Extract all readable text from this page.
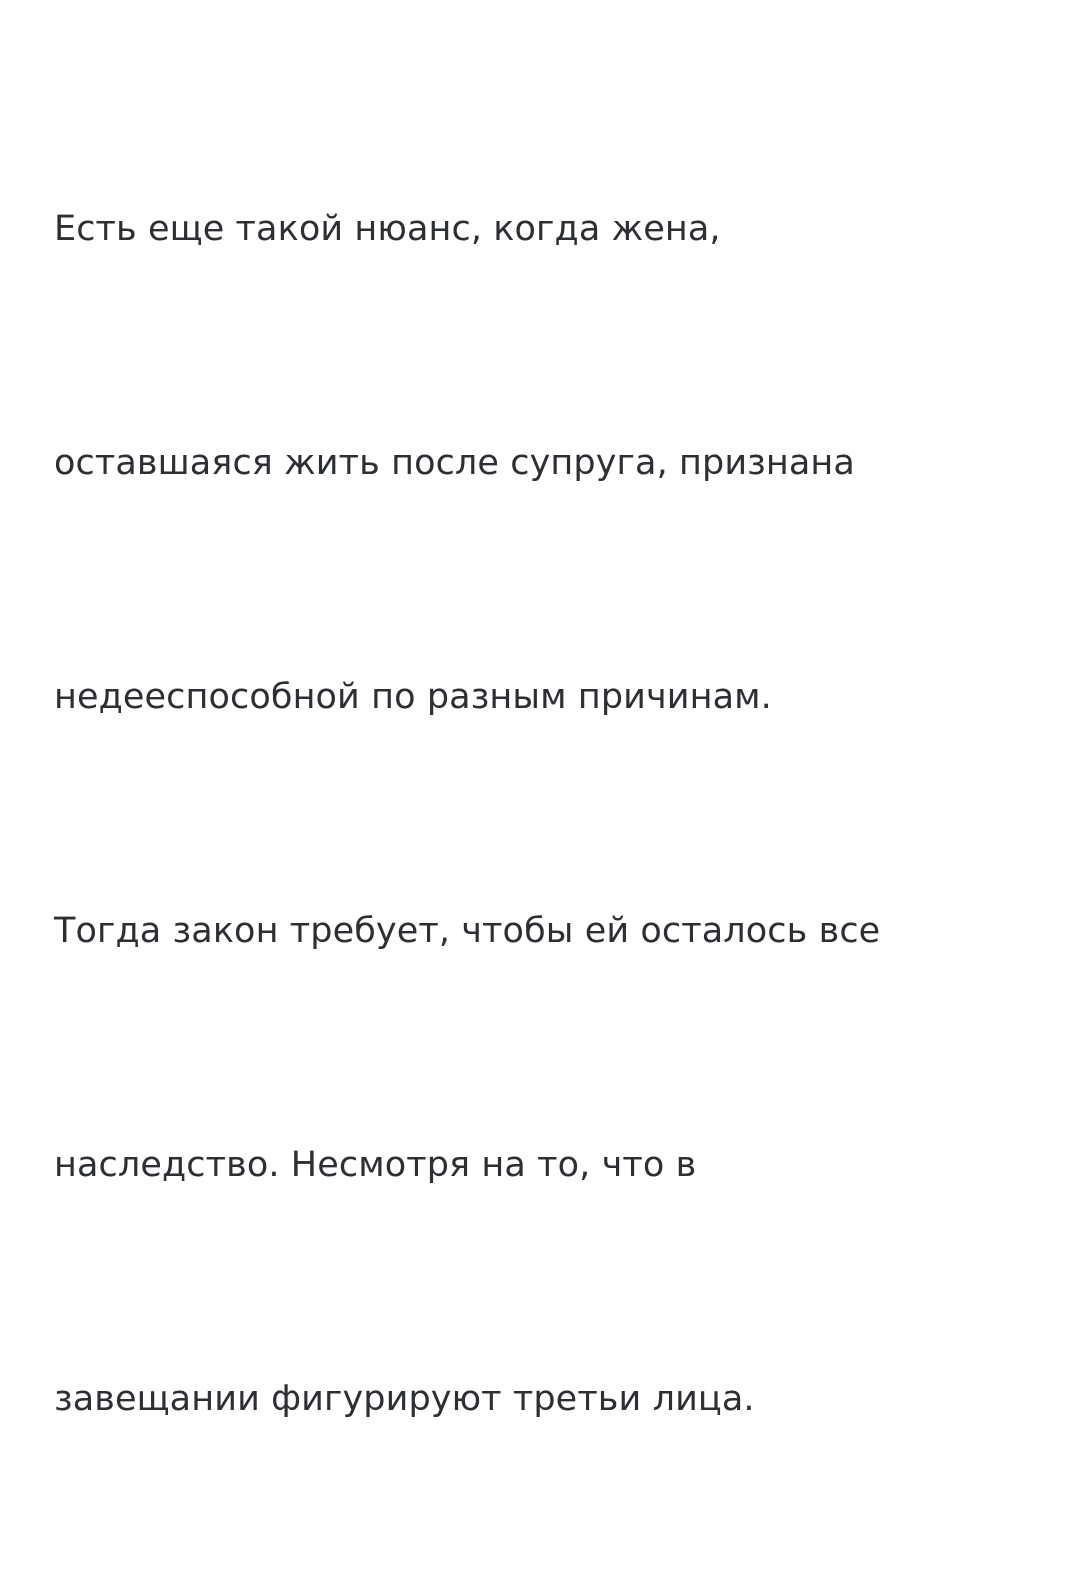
Есть еще такой нюанс, когда жена,

оставшаяся жить после супруга, признана

недееспособной по разным причинам.

Тогда закон требует, чтобы ей осталось все

наследство. Несмотря на то, что в

завещании фигурируют третьи лица.
